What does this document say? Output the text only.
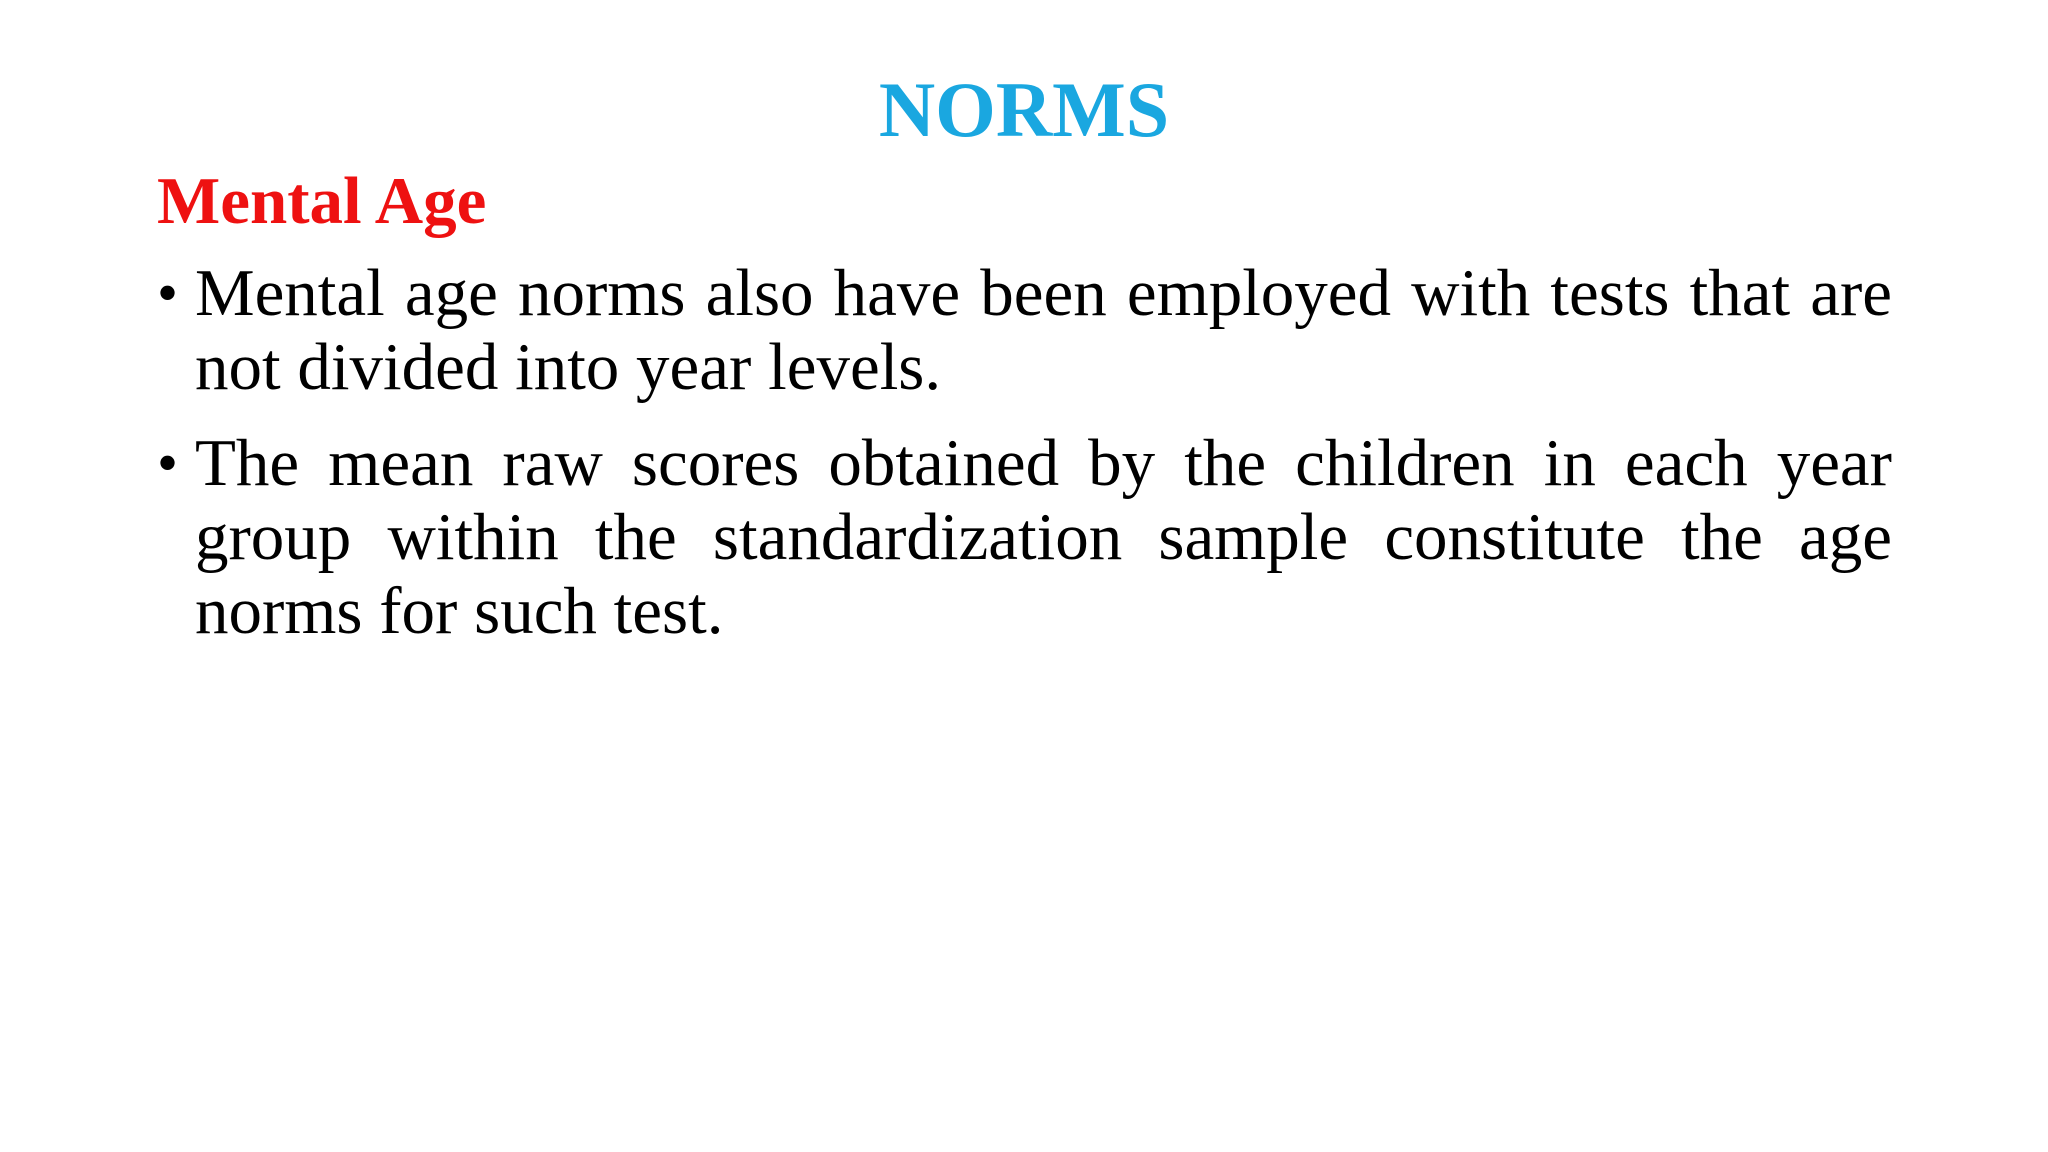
NORMS
Mental Age
• Mental age norms also have been employed with tests that are not divided into year levels.
• The mean raw scores obtained by the children in each year group within the standardization sample constitute the age norms for such test.
